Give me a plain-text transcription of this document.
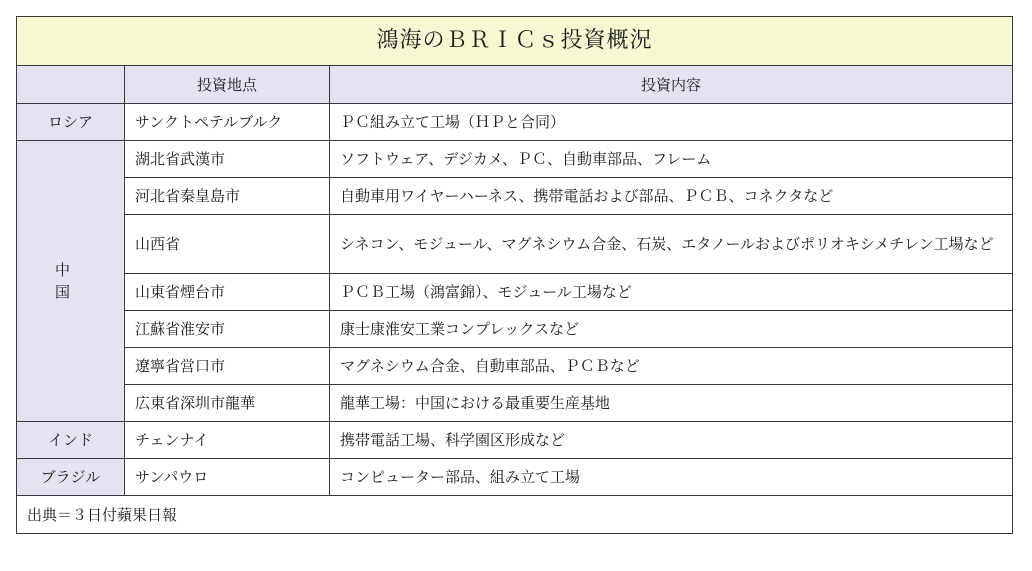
鴻海のＢＲＩＣｓ投資概況		
	投資地点	投資内容
ロシア	サンクトペテルブルク	ＰＣ組み立て工場（ＨＰと合同）
中　国	湖北省武漢市	ソフトウェア、デジカメ、ＰＣ、自動車部品、フレーム
	河北省秦皇島市	自動車用ワイヤーハーネス、携帯電話および部品、ＰＣＢ、コネクタなど
	山西省	シネコン、モジュール、マグネシウム合金、石炭、エタノールおよびポリオキシメチレン工場など
	山東省煙台市	ＰＣＢ工場（鴻富錦）、モジュール工場など
	江蘇省淮安市	康士康淮安工業コンプレックスなど
	遼寧省営口市	マグネシウム合金、自動車部品、ＰＣＢなど
	広東省深圳市龍華	龍華工場：中国における最重要生産基地
インド	チェンナイ	携帯電話工場、科学園区形成など
ブラジル	サンパウロ	コンピューター部品、組み立て工場
出典＝３日付蘋果日報		
